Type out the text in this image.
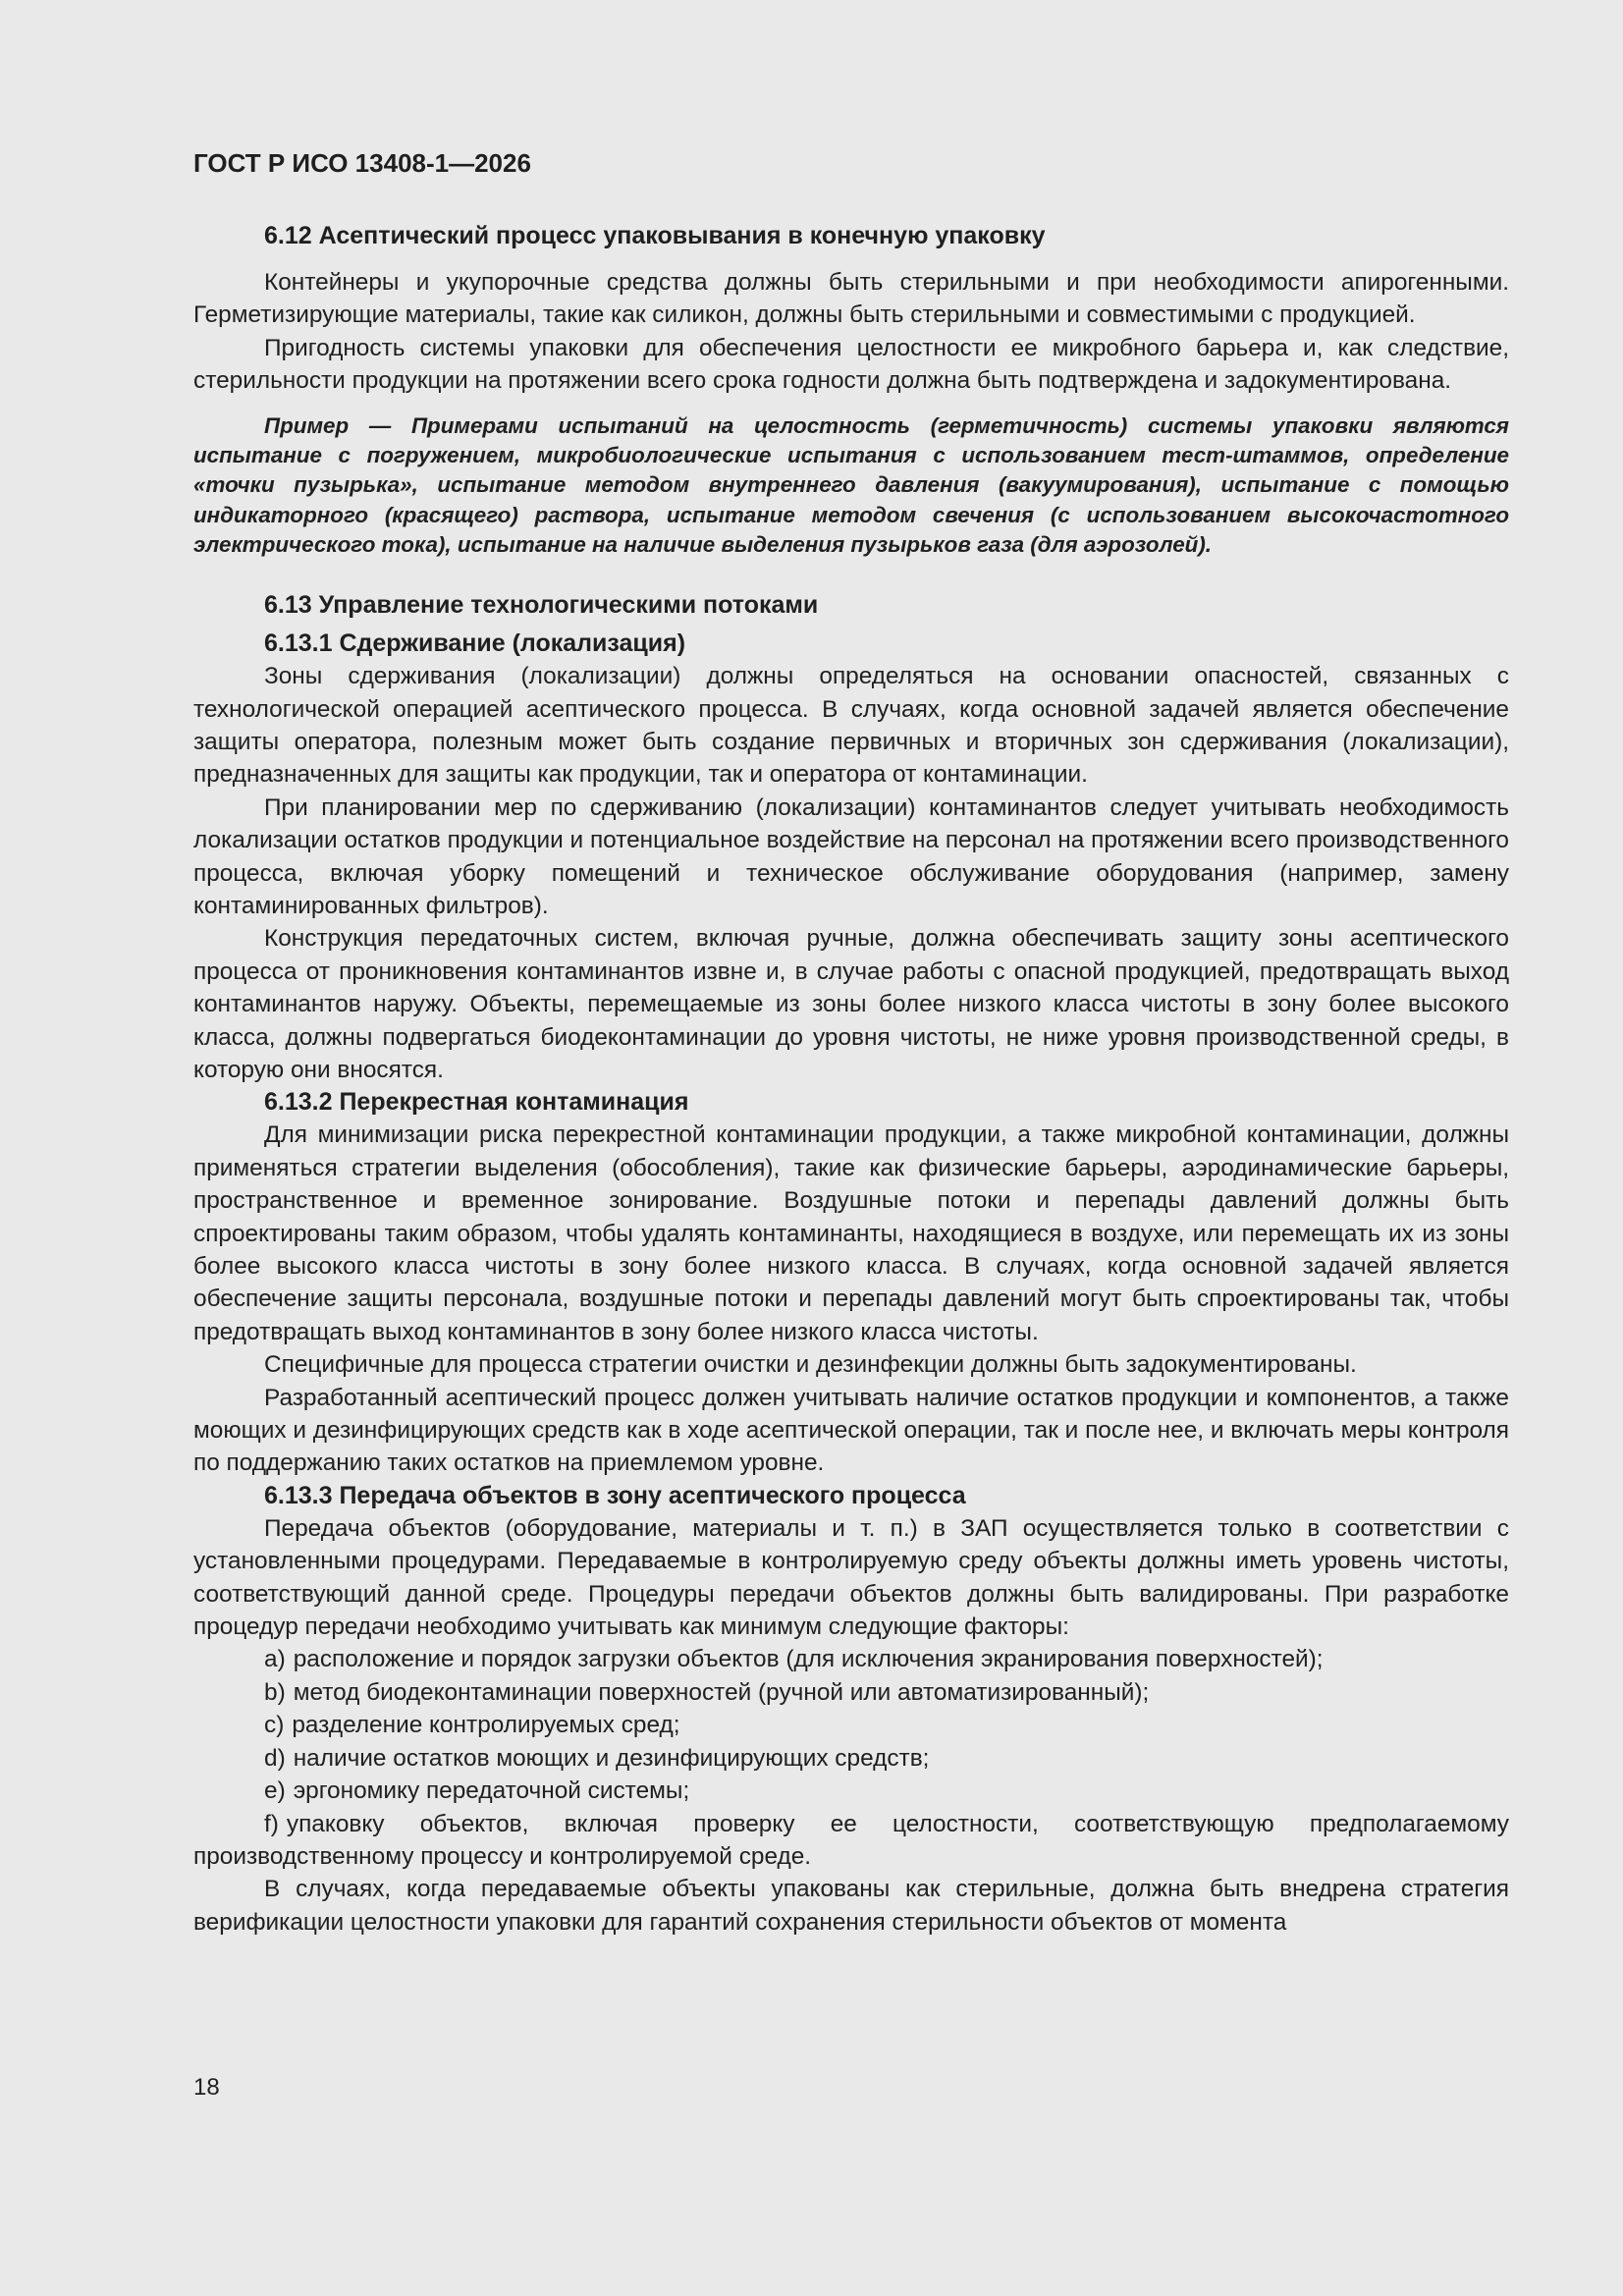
ГОСТ Р ИСО 13408-1—2026

6.12 Асептический процесс упаковывания в конечную упаковку

Контейнеры и укупорочные средства должны быть стерильными и при необходимости апирогенными. Герметизирующие материалы, такие как силикон, должны быть стерильными и совместимыми с продукцией.

Пригодность системы упаковки для обеспечения целостности ее микробного барьера и, как следствие, стерильности продукции на протяжении всего срока годности должна быть подтверждена и задокументирована.

Пример — Примерами испытаний на целостность (герметичность) системы упаковки являются испытание с погружением, микробиологические испытания с использованием тест-штаммов, определение «точки пузырька», испытание методом внутреннего давления (вакуумирования), испытание с помощью индикаторного (красящего) раствора, испытание методом свечения (с использованием высокочастотного электрического тока), испытание на наличие выделения пузырьков газа (для аэрозолей).

6.13 Управление технологическими потоками

6.13.1 Сдерживание (локализация)

Зоны сдерживания (локализации) должны определяться на основании опасностей, связанных с технологической операцией асептического процесса. В случаях, когда основной задачей является обеспечение защиты оператора, полезным может быть создание первичных и вторичных зон сдерживания (локализации), предназначенных для защиты как продукции, так и оператора от контаминации.

При планировании мер по сдерживанию (локализации) контаминантов следует учитывать необходимость локализации остатков продукции и потенциальное воздействие на персонал на протяжении всего производственного процесса, включая уборку помещений и техническое обслуживание оборудования (например, замену контаминированных фильтров).

Конструкция передаточных систем, включая ручные, должна обеспечивать защиту зоны асептического процесса от проникновения контаминантов извне и, в случае работы с опасной продукцией, предотвращать выход контаминантов наружу. Объекты, перемещаемые из зоны более низкого класса чистоты в зону более высокого класса, должны подвергаться биодеконтаминации до уровня чистоты, не ниже уровня производственной среды, в которую они вносятся.

6.13.2 Перекрестная контаминация

Для минимизации риска перекрестной контаминации продукции, а также микробной контаминации, должны применяться стратегии выделения (обособления), такие как физические барьеры, аэродинамические барьеры, пространственное и временное зонирование. Воздушные потоки и перепады давлений должны быть спроектированы таким образом, чтобы удалять контаминанты, находящиеся в воздухе, или перемещать их из зоны более высокого класса чистоты в зону более низкого класса. В случаях, когда основной задачей является обеспечение защиты персонала, воздушные потоки и перепады давлений могут быть спроектированы так, чтобы предотвращать выход контаминантов в зону более низкого класса чистоты.

Специфичные для процесса стратегии очистки и дезинфекции должны быть задокументированы.

Разработанный асептический процесс должен учитывать наличие остатков продукции и компонентов, а также моющих и дезинфицирующих средств как в ходе асептической операции, так и после нее, и включать меры контроля по поддержанию таких остатков на приемлемом уровне.

6.13.3 Передача объектов в зону асептического процесса

Передача объектов (оборудование, материалы и т. п.) в ЗАП осуществляется только в соответствии с установленными процедурами. Передаваемые в контролируемую среду объекты должны иметь уровень чистоты, соответствующий данной среде. Процедуры передачи объектов должны быть валидированы. При разработке процедур передачи необходимо учитывать как минимум следующие факторы:

a) расположение и порядок загрузки объектов (для исключения экранирования поверхностей);

b) метод биодеконтаминации поверхностей (ручной или автоматизированный);

c) разделение контролируемых сред;

d) наличие остатков моющих и дезинфицирующих средств;

e) эргономику передаточной системы;

f) упаковку объектов, включая проверку ее целостности, соответствующую предполагаемому производственному процессу и контролируемой среде.

В случаях, когда передаваемые объекты упакованы как стерильные, должна быть внедрена стратегия верификации целостности упаковки для гарантий сохранения стерильности объектов от момента

18
